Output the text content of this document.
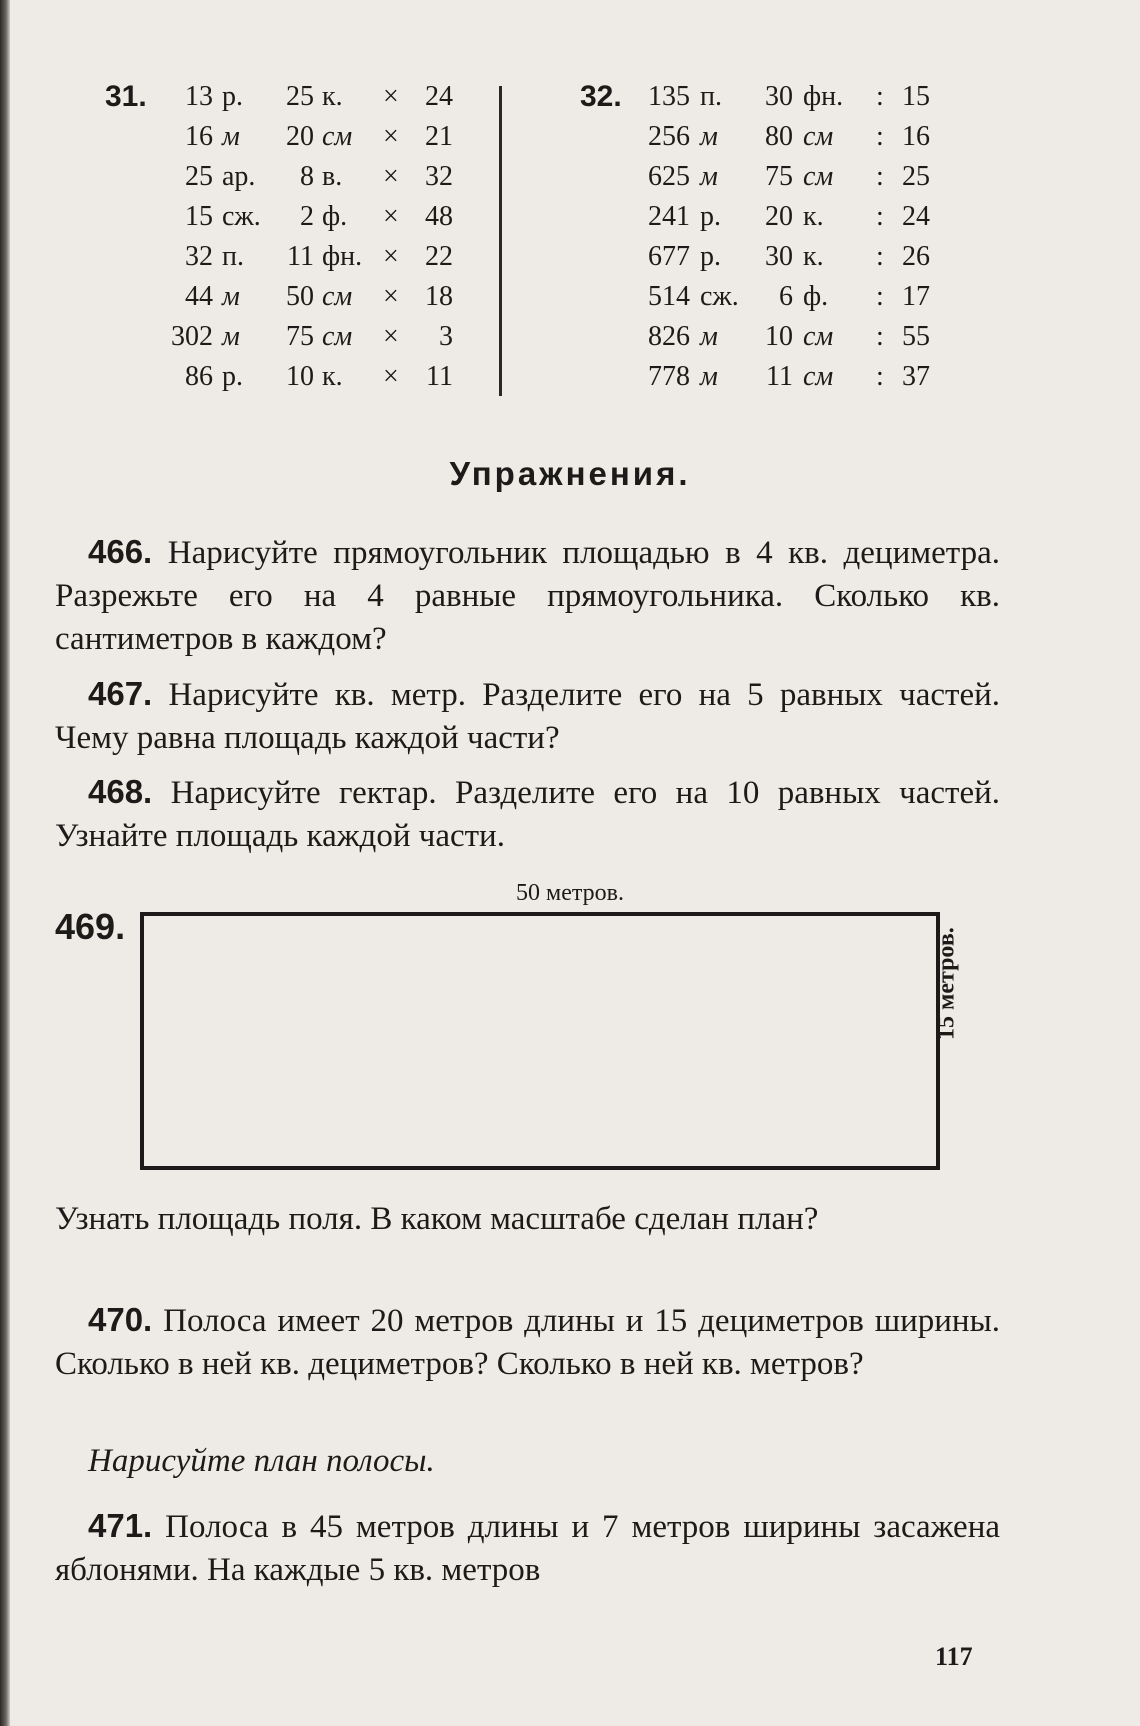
31. 13 р. 25 к. × 24
16 м 20 см × 21
25 ар. 8 в. × 32
15 сж. 2 ф. × 48
32 п. 11 фн. × 22
44 м 50 см × 18
302 м 75 см × 3
86 р. 10 к. × 11
32. 135 п. 30 фн. : 15
256 м 80 см : 16
625 м 75 см : 25
241 р. 20 к. : 24
677 р. 30 к. : 26
514 сж. 6 ф. : 17
826 м 10 см : 55
778 м 11 см : 37
Упражнения.
 466. Нарисуйте прямоугольник площадью в 4 кв. дециметра. Разрежьте его на 4 равные прямоугольника. Сколько кв. сантиметров в каждом?
 467. Нарисуйте кв. метр. Разделите его на 5 равных частей. Чему равна площадь каждой части?
 468. Нарисуйте гектар. Разделите его на 10 равных частей. Узнайте площадь каждой части.
50 метров.
469.
15 метров.
Узнать площадь поля. В каком масштабе сделан план?
 470. Полоса имеет 20 метров длины и 15 дециметров ширины. Сколько в ней кв. дециметров? Сколько в ней кв. метров?
 Нарисуйте план полосы.
 471. Полоса в 45 метров длины и 7 метров ширины засажена яблонями. На каждые 5 кв. метров
117
